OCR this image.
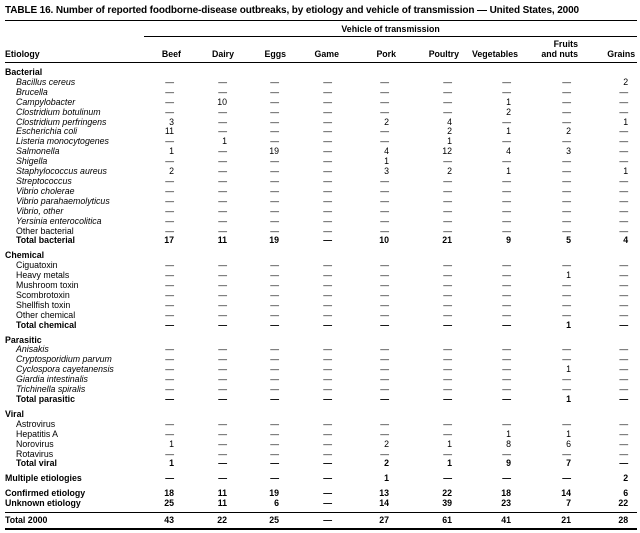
TABLE 16. Number of reported foodborne-disease outbreaks, by etiology and vehicle of transmission — United States, 2000
	Vehicle of transmission								
Etiology	Beef	Dairy	Eggs	Game	Pork	Poultry	Vegetables	Fruits
and nuts	Grains

Bacterial									
Bacillus cereus	—	—	—	—	—	—	—	—	2
Brucella	—	—	—	—	—	—	—	—	—
Campylobacter	—	10	—	—	—	—	1	—	—
Clostridium botulinum	—	—	—	—	—	—	2	—	—
Clostridium perfringens	3	—	—	—	2	4	—	—	1
Escherichia coli	11	—	—	—	—	2	1	2	—
Listeria monocytogenes	—	1	—	—	—	1	—	—	—
Salmonella	1	—	19	—	4	12	4	3	—
Shigella	—	—	—	—	1	—	—	—	—
Staphylococcus aureus	2	—	—	—	3	2	1	—	1
Streptococcus	—	—	—	—	—	—	—	—	—
Vibrio cholerae	—	—	—	—	—	—	—	—	—
Vibrio parahaemolyticus	—	—	—	—	—	—	—	—	—
Vibrio, other	—	—	—	—	—	—	—	—	—
Yersinia enterocolitica	—	—	—	—	—	—	—	—	—
Other bacterial	—	—	—	—	—	—	—	—	—
Total bacterial	17	11	19	—	10	21	9	5	4
Chemical									
Ciguatoxin	—	—	—	—	—	—	—	—	—
Heavy metals	—	—	—	—	—	—	—	1	—
Mushroom toxin	—	—	—	—	—	—	—	—	—
Scombrotoxin	—	—	—	—	—	—	—	—	—
Shellfish toxin	—	—	—	—	—	—	—	—	—
Other chemical	—	—	—	—	—	—	—	—	—
Total chemical	—	—	—	—	—	—	—	1	—
Parasitic									
Anisakis	—	—	—	—	—	—	—	—	—
Cryptosporidium parvum	—	—	—	—	—	—	—	—	—
Cyclospora cayetanensis	—	—	—	—	—	—	—	1	—
Giardia intestinalis	—	—	—	—	—	—	—	—	—
Trichinella spiralis	—	—	—	—	—	—	—	—	—
Total parasitic	—	—	—	—	—	—	—	1	—
Viral									
Astrovirus	—	—	—	—	—	—	—	—	—
Hepatitis A	—	—	—	—	—	—	1	1	—
Norovirus	1	—	—	—	2	1	8	6	—
Rotavirus	—	—	—	—	—	—	—	—	—
Total viral	1	—	—	—	2	1	9	7	—
Multiple etiologies	—	—	—	—	1	—	—	—	2
Confirmed etiology	18	11	19	—	13	22	18	14	6
Unknown etiology	25	11	6	—	14	39	23	7	22

Total 2000	43	22	25	—	27	61	41	21	28
